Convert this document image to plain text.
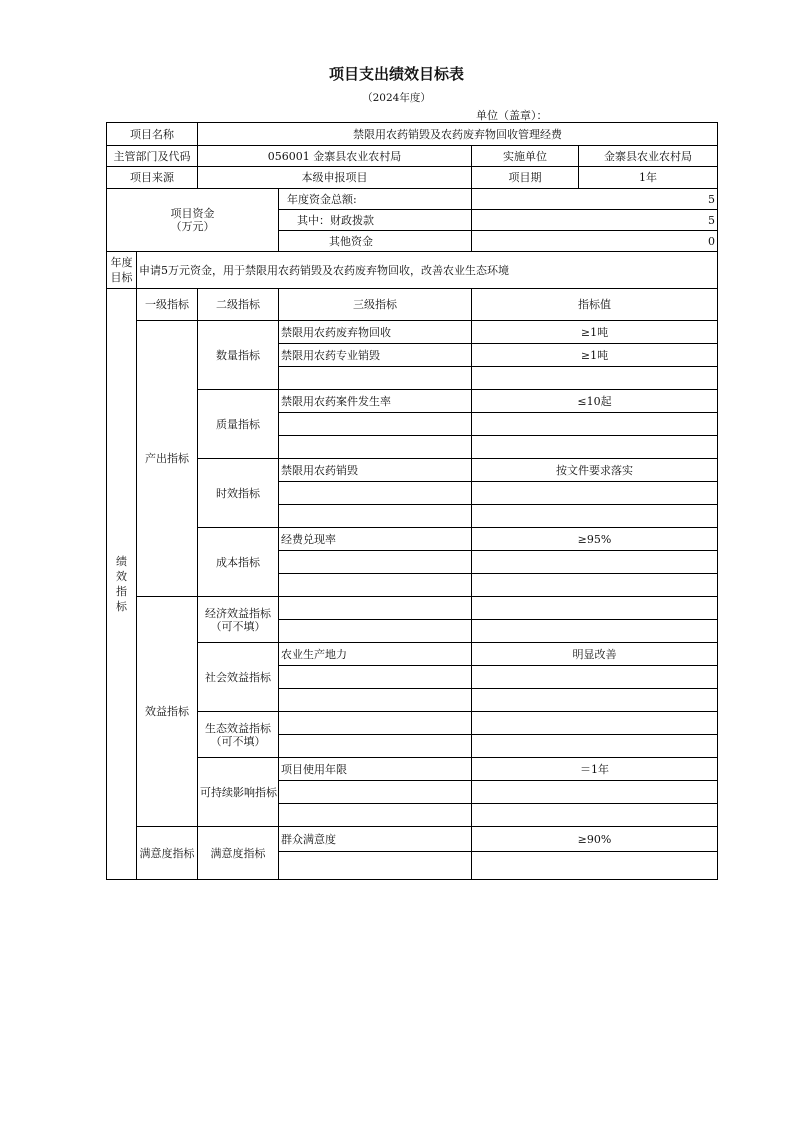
项目支出绩效目标表
（2024年度）
单位（盖章）：
项目名称		禁限用农药销毁及农药废弃物回收管理经费			
主管部门及代码		056001 金寨县农业农村局		实施单位	金寨县农业农村局
项目来源		本级申报项目		项目期	1年

项目资金
（万元）			年度资金总额:	5	
			其中：财政拨款	5	
			其他资金	0	

年度目标	申请5万元资金，用于禁限用农药销毁及农药废弃物回收，改善农业生态环境				

绩效指标	一级指标	二级指标	三级指标	指标值	
	产出指标	数量指标	禁限用农药废弃物回收	≥1吨	
			禁限用农药专业销毁	≥1吨	

		质量指标	禁限用农药案件发生率	≤10起	

		时效指标	禁限用农药销毁	按文件要求落实	

		成本指标	经费兑现率	≥95%	

	效益指标	经济效益指标
（可不填）			

		社会效益指标	农业生产地力	明显改善	

		生态效益指标
（可不填）			

		可持续影响指标	项目使用年限	＝1年	

	满意度指标	满意度指标	群众满意度	≥90%	
